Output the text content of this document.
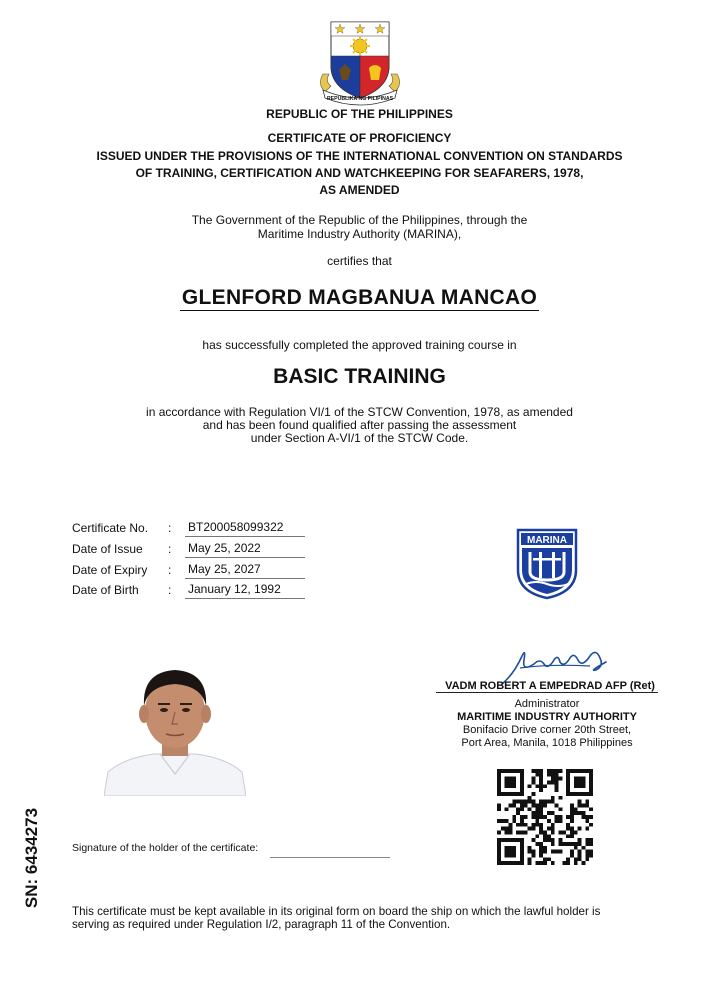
REPUBLIKA NG PILIPINAS
REPUBLIC OF THE PHILIPPINES
CERTIFICATE OF PROFICIENCY
ISSUED UNDER THE PROVISIONS OF THE INTERNATIONAL CONVENTION ON STANDARDS
OF TRAINING, CERTIFICATION AND WATCHKEEPING FOR SEAFARERS, 1978,
AS AMENDED
The Government of the Republic of the Philippines, through the
Maritime Industry Authority (MARINA),
certifies that
GLENFORD MAGBANUA MANCAO
has successfully completed the approved training course in
BASIC TRAINING
in accordance with Regulation VI/1 of the STCW Convention, 1978, as amended
and has been found qualified after passing the assessment
under Section A-VI/1 of the STCW Code.
Certificate No. : BT200058099322
Date of Issue : May 25, 2022
Date of Expiry : May 25, 2027
Date of Birth : January 12, 1992
MARINA
VADM ROBERT A EMPEDRAD AFP (Ret)
Administrator
MARITIME INDUSTRY AUTHORITY
Bonifacio Drive corner 20th Street,
Port Area, Manila, 1018 Philippines
SN: 6434273	Signature of the holder of the certificate:
This certificate must be kept available in its original form on board the ship on which the lawful holder is
serving as required under Regulation I/2, paragraph 11 of the Convention.
